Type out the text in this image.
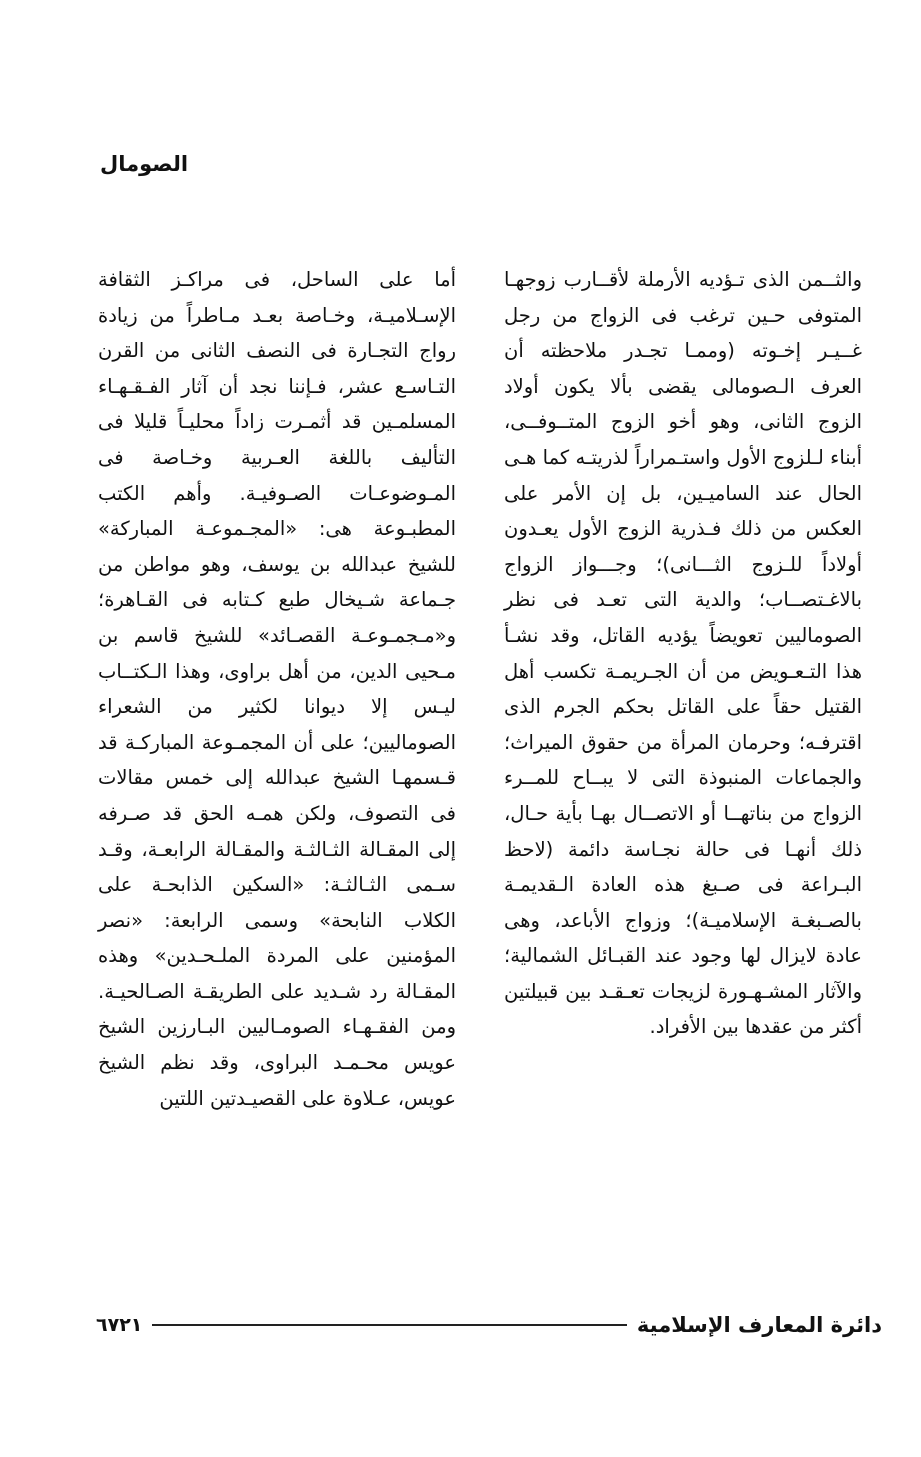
الصومال

والثــمن الذى تـؤديه الأرملة لأقــارب زوجهـا المتوفى حـين ترغب فى الزواج من رجل غــيـر إخـوته (وممـا تجـدر ملاحظته أن العرف الـصومالى يقضى بألا يكون أولاد الزوج الثانى، وهو أخو الزوج المتــوفــى، أبناء لـلزوج الأول واستـمراراً لذريتـه كما هـى الحال عند الساميـين، بل إن الأمر على العكس من ذلك فـذرية الزوج الأول يعـدون أولاداً للـزوج الثـــانى)؛ وجـــواز الزواج بالاغـتصــاب؛ والدية التى تعـد فى نظر الصوماليين تعويضاً يؤديه القاتل، وقد نشـأ هذا التـعـويض من أن الجـريمـة تكسب أهل القتيل حقاً على القاتل بحكم الجرم الذى اقترفـه؛ وحرمان المرأة من حقوق الميراث؛ والجماعات المنبوذة التى لا يبــاح للمــرء الزواج من بناتهــا أو الاتصــال بهـا بأية حـال، ذلك أنهـا فى حالة نجـاسة دائمة (لاحظ البـراعة فى صـبغ هذه العادة الـقديمـة بالصـبغـة الإسلاميـة)؛ وزواج الأباعد، وهى عادة لايزال لها وجود عند القبـائل الشمالية؛ والآثار المشـهـورة لزيجات تعـقـد بين قبيلتين أكثر من عقدها بين الأفراد.

أما على الساحل، فى مراكـز الثقافة الإسـلاميـة، وخـاصة بعـد مـاطراً من زيادة رواج التجـارة فى النصف الثانى من القرن التـاسـع عشر، فـإننا نجد أن آثار الفـقـهـاء المسلمـين قد أثمـرت زاداً محليـاً قليلا فى التأليف باللغة العـربية وخـاصة فى المـوضوعـات الصـوفيـة. وأهم الكتب المطبـوعة هى: «المجـموعـة المباركة» للشيخ عبدالله بن يوسف، وهو مواطن من جـماعة شـيخال طبع كـتابه فى القـاهرة؛ و«مـجمـوعـة القصـائد» للشيخ قاسم بن مـحيى الدين، من أهل براوى، وهذا الـكتــاب ليـس إلا ديوانا لكثير من الشعراء الصوماليين؛ على أن المجمـوعة المباركـة قد قـسمهـا الشيخ عبدالله إلى خمس مقالات فى التصوف، ولكن همـه الحق قد صـرفه إلى المقـالة الثـالثـة والمقـالة الرابعـة، وقـد سـمى الثـالثـة: «السكين الذابحـة على الكلاب النابحة» وسمى الرابعة: «نصر المؤمنين على المردة الملـحـدين» وهذه المقـالة رد شـديد على الطريقـة الصـالحيـة. ومن الفقـهـاء الصومـاليين البـارزين الشيخ عويس محـمـد البراوى، وقد نظم الشيخ عويس، عـلاوة على القصيـدتين اللتين

دائرة المعارف الإسلامية
٦٧٢١
